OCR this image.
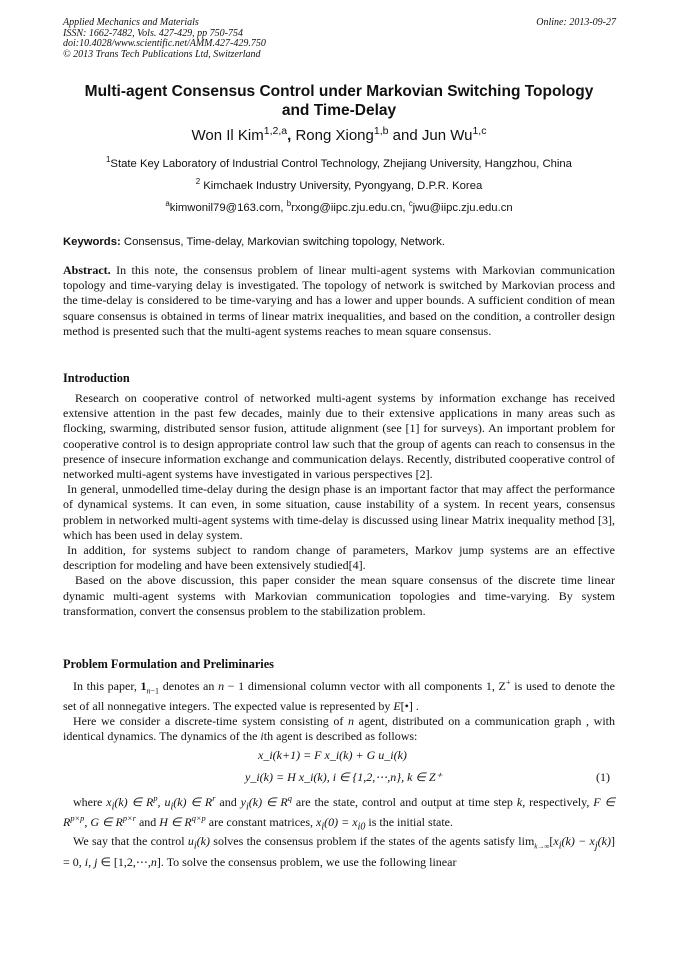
Applied Mechanics and Materials
ISSN: 1662-7482, Vols. 427-429, pp 750-754
doi:10.4028/www.scientific.net/AMM.427-429.750
© 2013 Trans Tech Publications Ltd, Switzerland
Online: 2013-09-27
Multi-agent Consensus Control under Markovian Switching Topology
and Time-Delay
Won Il Kim$^{1,2,a}$, Rong Xiong$^{1,b}$ and Jun Wu$^{1,c}$
$^1$State Key Laboratory of Industrial Control Technology, Zhejiang University, Hangzhou, China
$^2$ Kimchaek Industry University, Pyongyang, D.P.R. Korea
$^a$kimwonil79@163.com, $^b$rxong@iipc.zju.edu.cn, $^c$jwu@iipc.zju.edu.cn
Keywords: Consensus, Time-delay, Markovian switching topology, Network.
Abstract. In this note, the consensus problem of linear multi-agent systems with Markovian communication topology and time-varying delay is investigated. The topology of network is switched by Markovian process and the time-delay is considered to be time-varying and has a lower and upper bounds. A sufficient condition of mean square consensus is obtained in terms of linear matrix inequalities, and based on the condition, a controller design method is presented such that the multi-agent systems reaches to mean square consensus.
Introduction

Research on cooperative control of networked multi-agent systems by information exchange has received extensive attention in the past few decades, mainly due to their extensive applications in many areas such as flocking, swarming, distributed sensor fusion, attitude alignment (see [1] for surveys). An important problem for cooperative control is to design appropriate control law such that the group of agents can reach to consensus in the presence of insecure information exchange and communication delays. Recently, distributed cooperative control of networked multi-agent systems have investigated in various perspectives [2].

In general, unmodelled time-delay during the design phase is an important factor that may affect the performance of dynamical systems. It can even, in some situation, cause instability of a system. In recent years, consensus problem in networked multi-agent systems with time-delay is discussed using linear Matrix inequality method [3], which has been used in delay system.

In addition, for systems subject to random change of parameters, Markov jump systems are an effective description for modeling and have been extensively studied[4].

Based on the above discussion, this paper consider the mean square consensus of the discrete time linear dynamic multi-agent systems with Markovian communication topologies and time-varying. By system transformation, convert the consensus problem to the stabilization problem.

Problem Formulation and Preliminaries

In this paper, $1_{n-1}$ denotes an n − 1 dimensional column vector with all components 1, Z+ is used to denote the set of all nonnegative integers. The expected value is represented by E[•] .

Here we consider a discrete-time system consisting of n agent, distributed on a communication graph , with identical dynamics. The dynamics of the ith agent is described as follows:

x_i(k+1) = F x_i(k) + G u_i(k)
y_i(k) = H x_i(k), i ∈ {1,2,⋯,n}, k ∈ Z⁺	(1)

where $x_i(k)$ ∈ $R^p$, $u_i(k)$ ∈ $R^r$ and $y_i(k)$ ∈ $R^q$ are the state, control and output at time step k, respectively, F ∈ $R^{p\times p}$, G ∈ $R^{p\times r}$ and H ∈ $R^{q\times p}$ are constant matrices, $x_i(0) = x_{i0}$ is the initial state.

We say that the control $u_i(k)$ solves the consensus problem if the states of the agents satisfy $\lim_{k\to\infty}[x_i(k) - x_j(k)] = 0$, i, j ∈ [1,2,⋯,n]. To solve the consensus problem, we use the following linear
